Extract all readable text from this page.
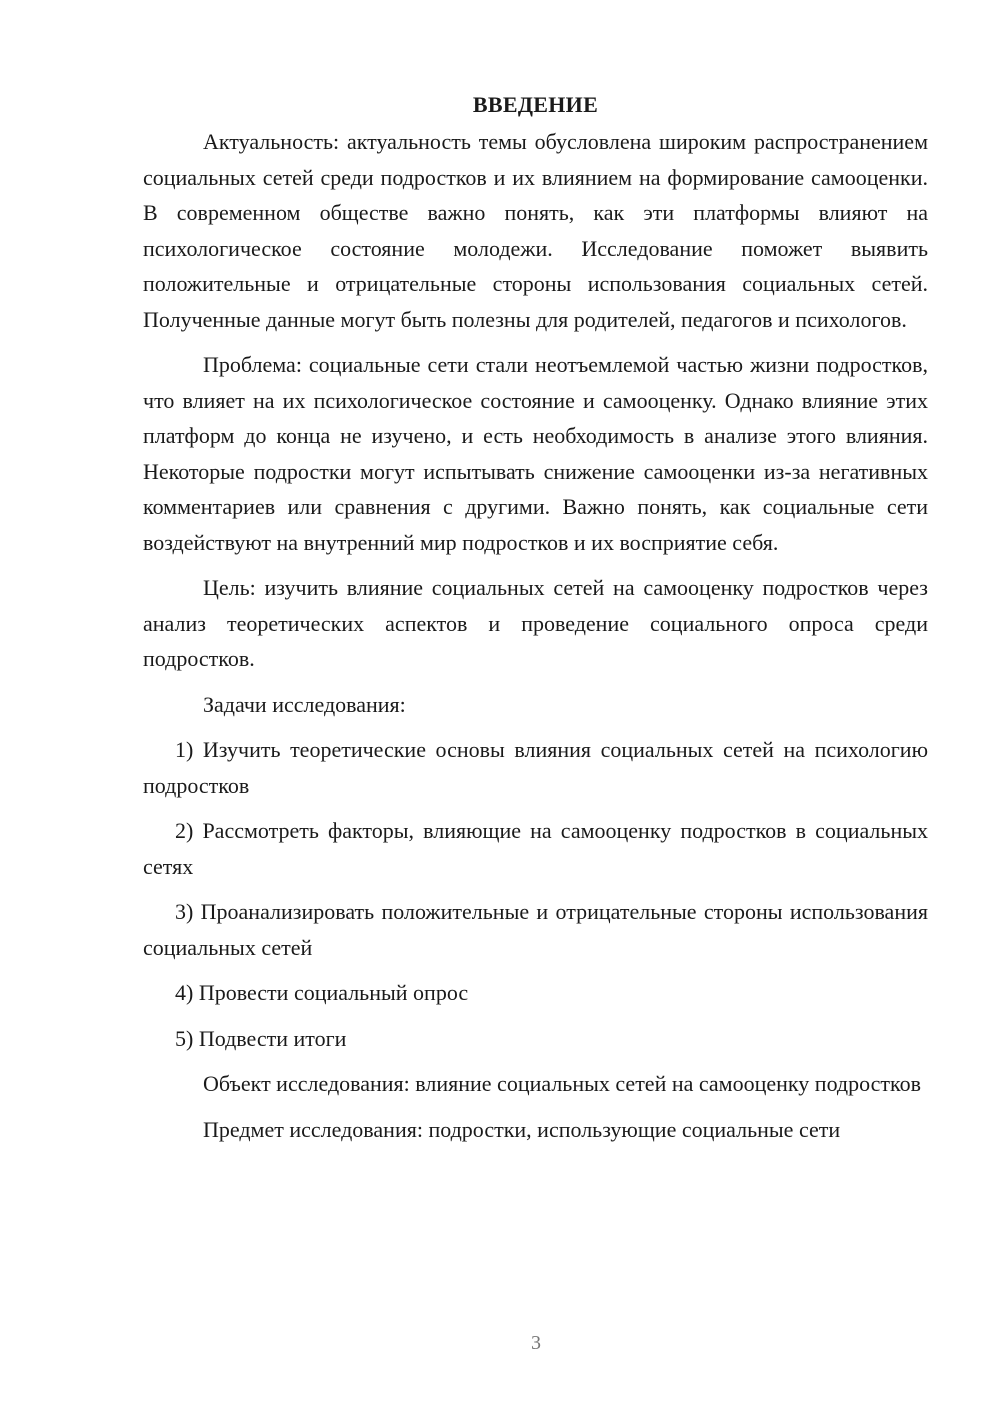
ВВЕДЕНИЕ

Актуальность: актуальность темы обусловлена широким распространением социальных сетей среди подростков и их влиянием на формирование самооценки. В современном обществе важно понять, как эти платформы влияют на психологическое состояние молодежи. Исследование поможет выявить положительные и отрицательные стороны использования социальных сетей. Полученные данные могут быть полезны для родителей, педагогов и психологов.

Проблема: социальные сети стали неотъемлемой частью жизни подростков, что влияет на их психологическое состояние и самооценку. Однако влияние этих платформ до конца не изучено, и есть необходимость в анализе этого влияния. Некоторые подростки могут испытывать снижение самооценки из-за негативных комментариев или сравнения с другими. Важно понять, как социальные сети воздействуют на внутренний мир подростков и их восприятие себя.

Цель: изучить влияние социальных сетей на самооценку подростков через анализ теоретических аспектов и проведение социального опроса среди подростков.

Задачи исследования:

1) Изучить теоретические основы влияния социальных сетей на психологию подростков

2) Рассмотреть факторы, влияющие на самооценку подростков в социальных сетях

3) Проанализировать положительные и отрицательные стороны использования социальных сетей

4) Провести социальный опрос

5) Подвести итоги

Объект исследования: влияние социальных сетей на самооценку подростков

Предмет исследования: подростки, использующие социальные сети

3
